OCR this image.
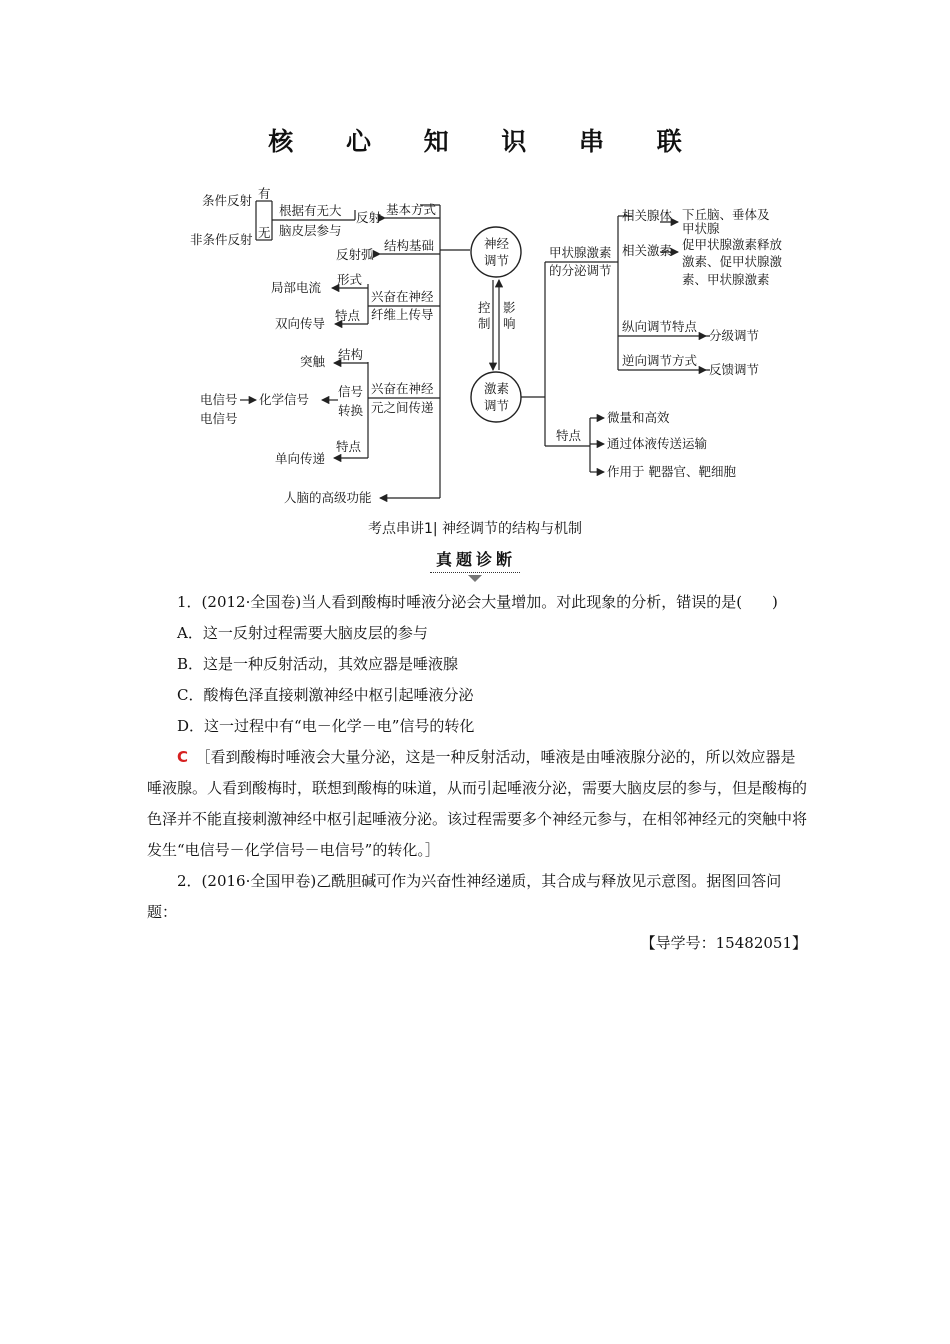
核 心 知 识 串 联
条件反射 有
非条件反射 无
根据有无大
脑皮层参与
反射
基本方式
反射弧
结构基础
兴奋在神经
纤维上传导
形式
局部电流
特点
双向传导
兴奋在神经
元之间传递
结构
突触
信号
转换
电信号 化学信号
电信号
特点
单向传递
人脑的高级功能
神经
调节
激素
调节
控
制
影
响
甲状腺激素
的分泌调节
相关腺体 下丘脑、垂体及
甲状腺
相关激素 促甲状腺激素释放
激素、促甲状腺激
素、甲状腺激素
纵向调节特点
分级调节
逆向调节方式
反馈调节
特点
微量和高效
通过体液传送运输
作用于 靶器官、靶细胞
考点串讲1| 神经调节的结构与机制
真题诊断

1．(2012·全国卷)当人看到酸梅时唾液分泌会大量增加。对此现象的分析，错误的是(　　)

A．这一反射过程需要大脑皮层的参与

B．这是一种反射活动，其效应器是唾液腺

C．酸梅色泽直接刺激神经中枢引起唾液分泌

D．这一过程中有“电－化学－电”信号的转化

C　 ［看到酸梅时唾液会大量分泌，这是一种反射活动，唾液是由唾液腺分泌的，所以效应器是唾液腺。人看到酸梅时，联想到酸梅的味道，从而引起唾液分泌，需要大脑皮层的参与，但是酸梅的色泽并不能直接刺激神经中枢引起唾液分泌。该过程需要多个神经元参与，在相邻神经元的突触中将发生“电信号－化学信号－电信号”的转化。］

2．(2016·全国甲卷)乙酰胆碱可作为兴奋性神经递质，其合成与释放见示意图。据图回答问题：

【导学号：15482051】
